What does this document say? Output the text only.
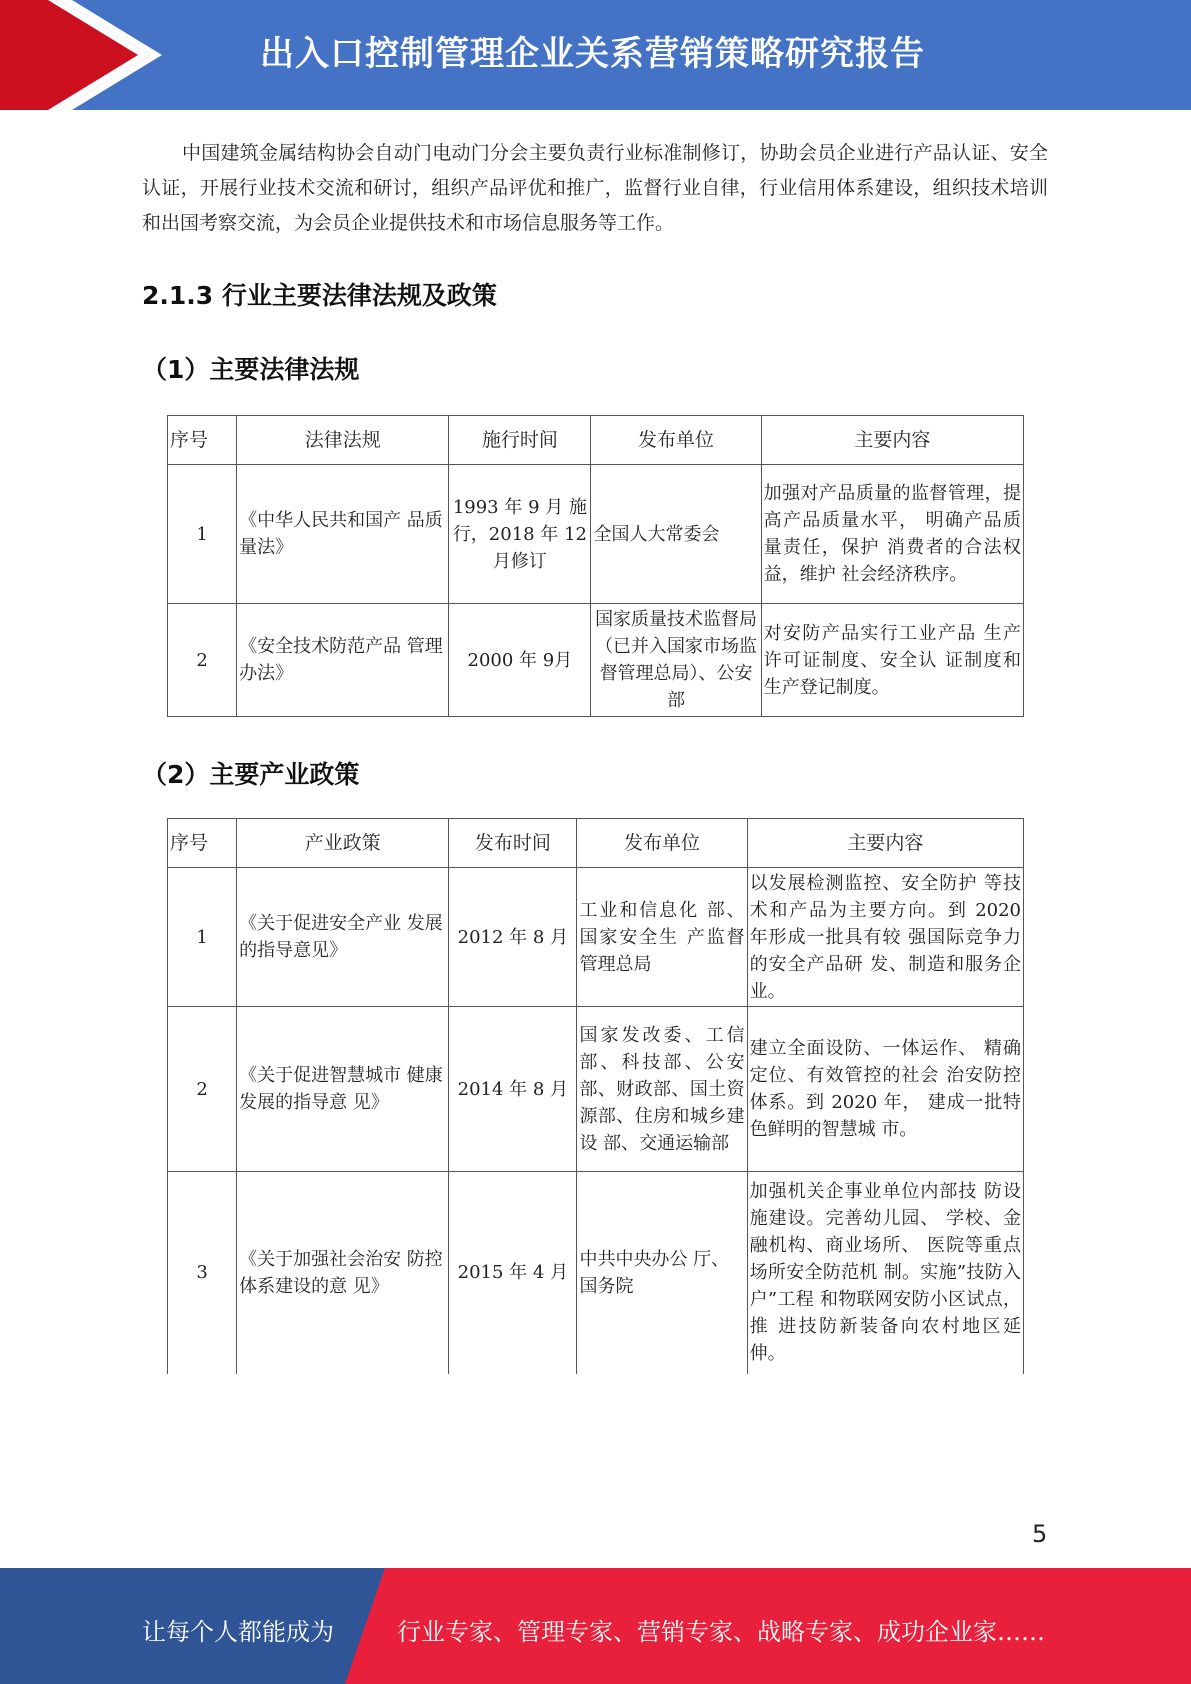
出入口控制管理企业关系营销策略研究报告
中国建筑金属结构协会自动门电动门分会主要负责行业标准制修订，协助会员企业进行产品认证、安全认证，开展行业技术交流和研讨，组织产品评优和推广，监督行业自律，行业信用体系建设，组织技术培训和出国考察交流，为会员企业提供技术和市场信息服务等工作。
2.1.3 行业主要法律法规及政策
（1）主要法律法规
序号	法律法规	施行时间	发布单位	主要内容
1	《中华人民共和国产 品质量法》	1993 年 9 月 施行，2018 年 12 月修订	全国人大常委会	加强对产品质量的监督管理，提高产品质量水平， 明确产品质量责任，保护 消费者的合法权益，维护 社会经济秩序。
2	《安全技术防范产品 管理办法》	2000 年 9月	国家质量技术监督局（已并入国家市场监督管理总局）、公安部	对安防产品实行工业产品 生产许可证制度、安全认 证制度和生产登记制度。
（2）主要产业政策
序号	产业政策	发布时间	发布单位	主要内容
1	《关于促进安全产业 发展的指导意见》	2012 年 8 月	工业和信息化 部、国家安全生 产监督管理总局	以发展检测监控、安全防护 等技术和产品为主要方向。到 2020 年形成一批具有较 强国际竞争力的安全产品研 发、制造和服务企业。
2	《关于促进智慧城市 健康发展的指导意 见》	2014 年 8 月	国家发改委、工信部、科技部、公安部、财政部、国土资源部、住房和城乡建设 部、交通运输部	建立全面设防、一体运作、 精确定位、有效管控的社会 治安防控体系。到 2020 年， 建成一批特色鲜明的智慧城 市。
3	《关于加强社会治安 防控体系建设的意 见》	2015 年 4 月	中共中央办公 厅、国务院	加强机关企事业单位内部技 防设施建设。完善幼儿园、 学校、金融机构、商业场所、 医院等重点场所安全防范机 制。实施”技防入户”工程 和物联网安防小区试点，推 进技防新装备向农村地区延 伸。
5
让每个人都能成为	行业专家、管理专家、营销专家、战略专家、成功企业家……
